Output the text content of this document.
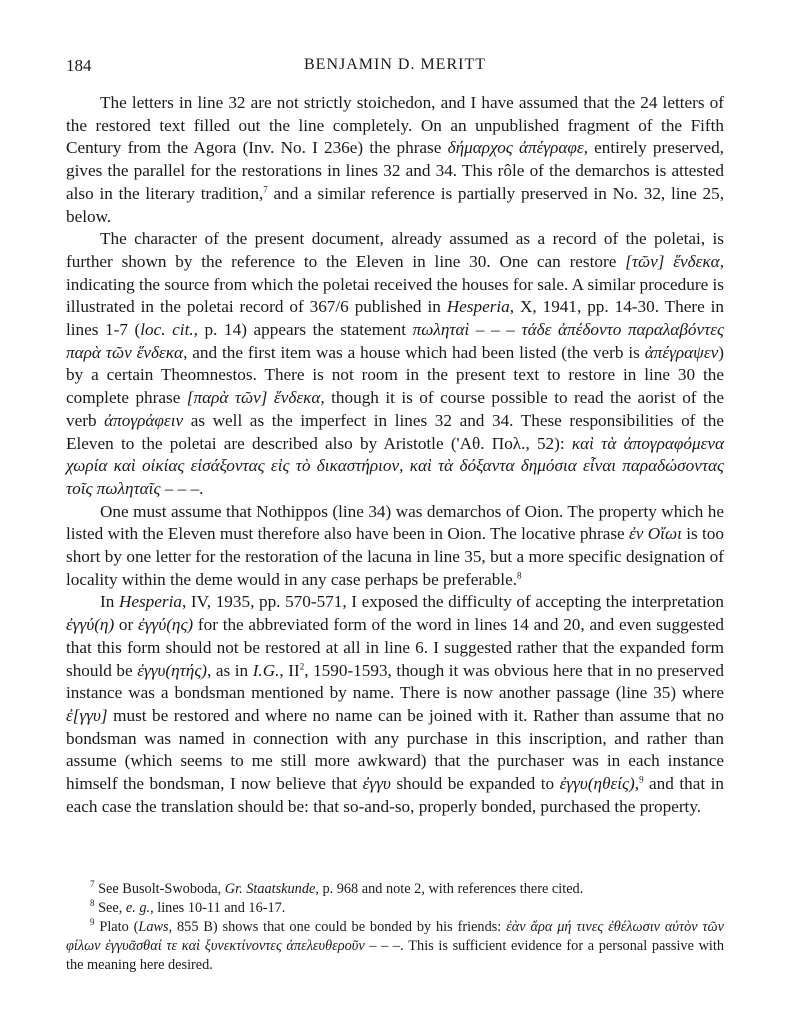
184	BENJAMIN D. MERITT

The letters in line 32 are not strictly stoichedon, and I have assumed that the 24 letters of the restored text filled out the line completely. On an unpublished fragment of the Fifth Century from the Agora (Inv. No. I 236e) the phrase δήμαρχος ἀπέγραφε, entirely preserved, gives the parallel for the restorations in lines 32 and 34. This rôle of the demarchos is attested also in the literary tradition,$^7$ and a similar reference is partially preserved in No. 32, line 25, below.

The character of the present document, already assumed as a record of the poletai, is further shown by the reference to the Eleven in line 30. One can restore [τῶν] ἕνδεκα, indicating the source from which the poletai received the houses for sale. A similar procedure is illustrated in the poletai record of 367/6 published in Hesperia, X, 1941, pp. 14-30. There in lines 1-7 (loc. cit., p. 14) appears the statement πωληταὶ – – – τάδε ἀπέδοντο παραλαβόντες παρὰ τῶν ἕνδεκα, and the first item was a house which had been listed (the verb is ἀπέγραψεν) by a certain Theomnestos. There is not room in the present text to restore in line 30 the complete phrase [παρὰ τῶν] ἕνδεκα, though it is of course possible to read the aorist of the verb ἀπογράφειν as well as the imperfect in lines 32 and 34. These responsibilities of the Eleven to the poletai are described also by Aristotle ('Αθ. Πολ., 52): καὶ τὰ ἀπογραφόμενα χωρία καὶ οἰκίας εἰσάξοντας εἰς τὸ δικαστήριον, καὶ τὰ δόξαντα δημόσια εἶναι παραδώσοντας τοῖς πωληταῖς – – –.

One must assume that Nothippos (line 34) was demarchos of Oion. The property which he listed with the Eleven must therefore also have been in Oion. The locative phrase ἐν Οἴωι is too short by one letter for the restoration of the lacuna in line 35, but a more specific designation of locality within the deme would in any case perhaps be preferable.$^8$

In Hesperia, IV, 1935, pp. 570-571, I exposed the difficulty of accepting the interpretation ἐγγύ(η) or ἐγγύ(ης) for the abbreviated form of the word in lines 14 and 20, and even suggested that this form should not be restored at all in line 6. I suggested rather that the expanded form should be ἐγγυ(ητής), as in I.G., $II^2$, 1590-1593, though it was obvious here that in no preserved instance was a bondsman mentioned by name. There is now another passage (line 35) where ἐ[γγυ] must be restored and where no name can be joined with it. Rather than assume that no bondsman was named in connection with any purchase in this inscription, and rather than assume (which seems to me still more awkward) that the purchaser was in each instance himself the bondsman, I now believe that ἐγγυ should be expanded to ἐγγυ(ηθείς),$^9$ and that in each case the translation should be: that so-and-so, properly bonded, purchased the property.

$^7$ See Busolt-Swoboda, Gr. Staatskunde, p. 968 and note 2, with references there cited.

$^8$ See, e. g., lines 10-11 and 16-17.

$^9$ Plato (Laws, 855 B) shows that one could be bonded by his friends: ἐὰν ἄρα μή τινες ἐθέλωσιν αὐτὸν τῶν φίλων ἐγγυᾶσθαί τε καὶ ξυνεκτίνοντες ἀπελευθεροῦν – – –. This is sufficient evidence for a personal passive with the meaning here desired.
